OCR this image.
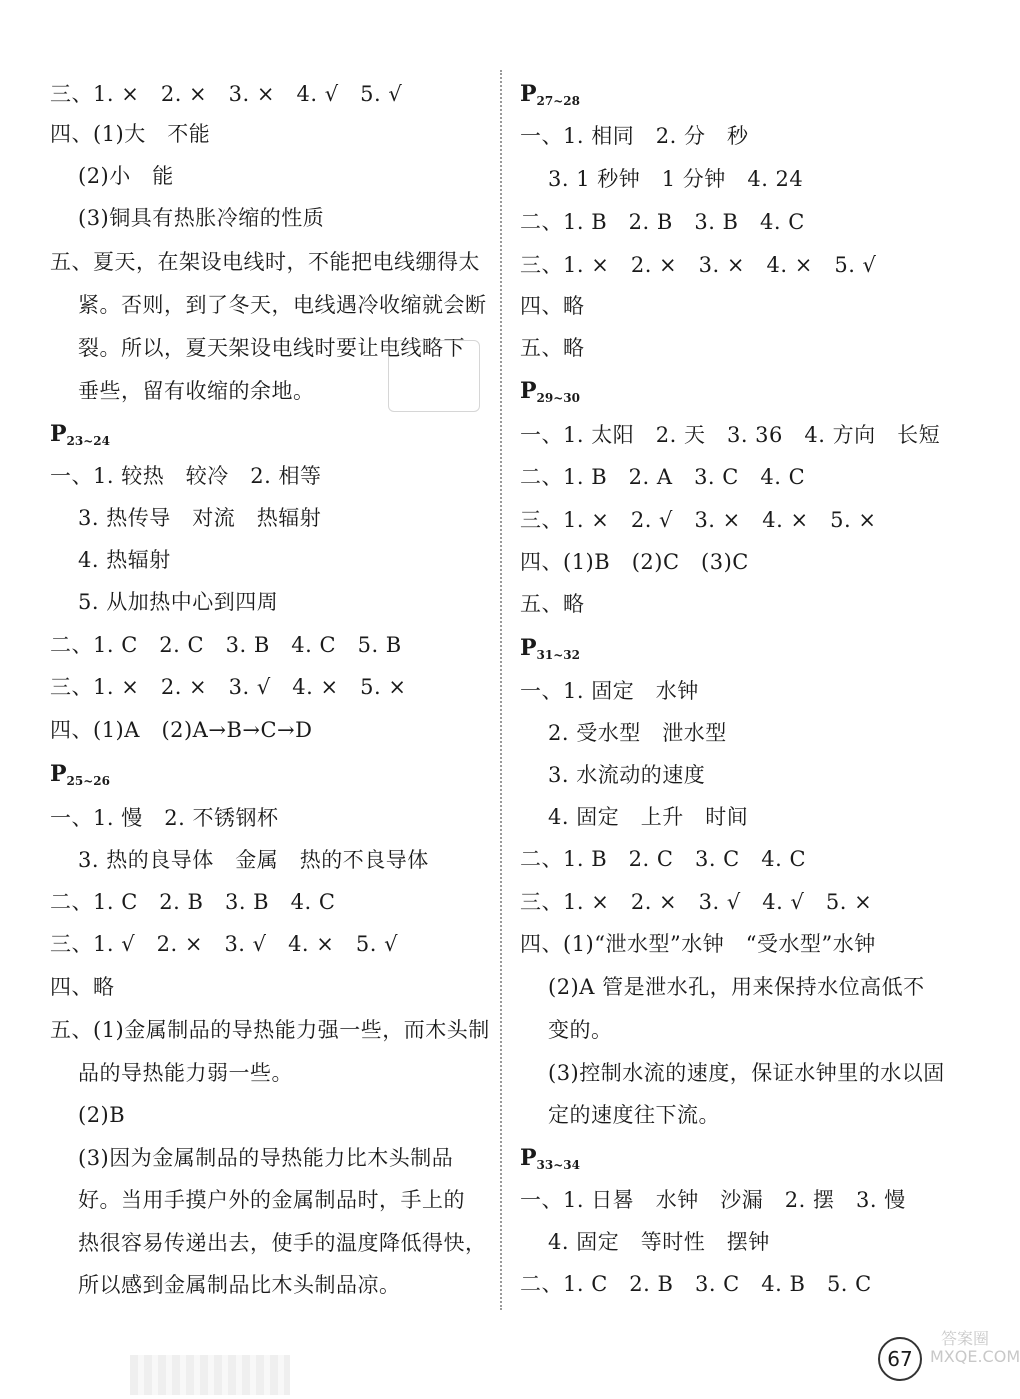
三、1. ×   2. ×   3. ×   4. √   5. √
四、(1)大   不能
(2)小   能
(3)铜具有热胀冷缩的性质
五、夏天，在架设电线时，不能把电线绷得太
紧。否则，到了冬天，电线遇冷收缩就会断
裂。所以，夏天架设电线时要让电线略下
垂些，留有收缩的余地。
$P_{23\sim 24}$
一、1. 较热   较冷   2. 相等
3. 热传导   对流   热辐射
4. 热辐射
5. 从加热中心到四周
二、1. C   2. C   3. B   4. C   5. B
三、1. ×   2. ×   3. √   4. ×   5. ×
四、(1)A   (2)A→B→C→D
$P_{25\sim 26}$
一、1. 慢   2. 不锈钢杯
3. 热的良导体   金属   热的不良导体
二、1. C   2. B   3. B   4. C
三、1. √   2. ×   3. √   4. ×   5. √
四、略
五、(1)金属制品的导热能力强一些，而木头制
品的导热能力弱一些。
(2)B
(3)因为金属制品的导热能力比木头制品
好。当用手摸户外的金属制品时，手上的
热很容易传递出去，使手的温度降低得快，
所以感到金属制品比木头制品凉。
$P_{27\sim 28}$
一、1. 相同   2. 分   秒
3. 1 秒钟   1 分钟   4. 24
二、1. B   2. B   3. B   4. C
三、1. ×   2. ×   3. ×   4. ×   5. √
四、略
五、略
$P_{29\sim 30}$
一、1. 太阳   2. 天   3. 36   4. 方向   长短
二、1. B   2. A   3. C   4. C
三、1. ×   2. √   3. ×   4. ×   5. ×
四、(1)B   (2)C   (3)C
五、略
$P_{31\sim 32}$
一、1. 固定   水钟
2. 受水型   泄水型
3. 水流动的速度
4. 固定   上升   时间
二、1. B   2. C   3. C   4. C
三、1. ×   2. ×   3. √   4. √   5. ×
四、(1)“泄水型”水钟   “受水型”水钟
(2)A 管是泄水孔，用来保持水位高低不
变的。
(3)控制水流的速度，保证水钟里的水以固
定的速度往下流。
$P_{33\sim 34}$
一、1. 日晷   水钟   沙漏   2. 摆   3. 慢
4. 固定   等时性   摆钟
二、1. C   2. B   3. C   4. B   5. C
67
答案圈 MXQE.COM
